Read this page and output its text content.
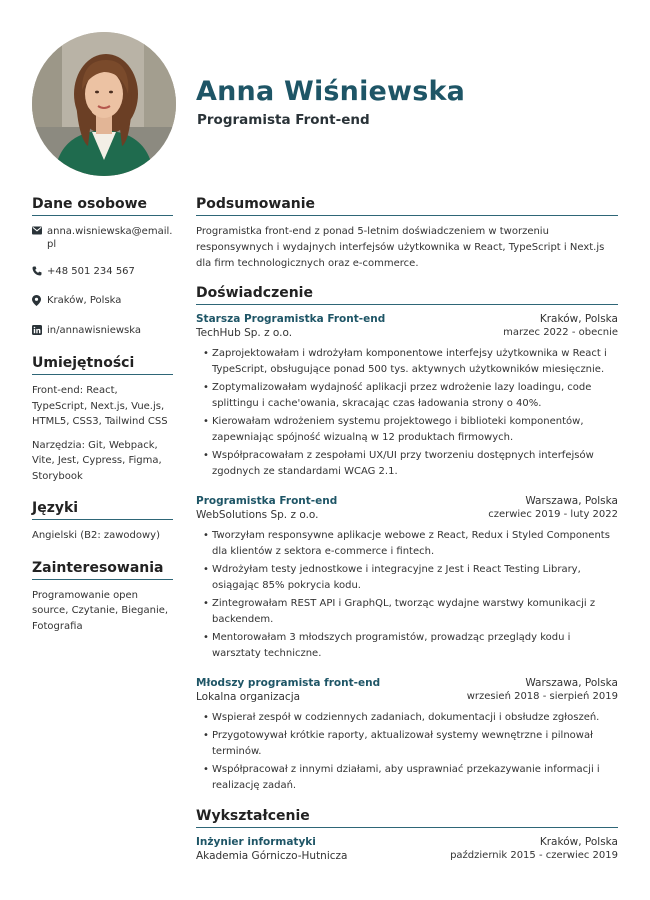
Anna Wiśniewska
Programista Front-end
Dane osobowe
anna.wisniewska@email.pl
+48 501 234 567
Kraków, Polska
in/annawisniewska
Umiejętności
Front-end: React, TypeScript, Next.js, Vue.js, HTML5, CSS3, Tailwind CSS
Narzędzia: Git, Webpack, Vite, Jest, Cypress, Figma, Storybook
Języki
Angielski (B2: zawodowy)
Zainteresowania
Programowanie open source, Czytanie, Bieganie, Fotografia
Podsumowanie
Programistka front-end z ponad 5-letnim doświadczeniem w tworzeniu responsywnych i wydajnych interfejsów użytkownika w React, TypeScript i Next.js dla firm technologicznych oraz e-commerce.
Doświadczenie
Starsza Programistka Front-end	Kraków, Polska
TechHub Sp. z o.o.	marzec 2022 - obecnie
• Zaprojektowałam i wdrożyłam komponentowe interfejsy użytkownika w React i TypeScript, obsługujące ponad 500 tys. aktywnych użytkowników miesięcznie.
• Zoptymalizowałam wydajność aplikacji przez wdrożenie lazy loadingu, code splittingu i cache'owania, skracając czas ładowania strony o 40%.
• Kierowałam wdrożeniem systemu projektowego i biblioteki komponentów, zapewniając spójność wizualną w 12 produktach firmowych.
• Współpracowałam z zespołami UX/UI przy tworzeniu dostępnych interfejsów zgodnych ze standardami WCAG 2.1.
Programistka Front-end	Warszawa, Polska
WebSolutions Sp. z o.o.	czerwiec 2019 - luty 2022
• Tworzyłam responsywne aplikacje webowe z React, Redux i Styled Components dla klientów z sektora e-commerce i fintech.
• Wdrożyłam testy jednostkowe i integracyjne z Jest i React Testing Library, osiągając 85% pokrycia kodu.
• Zintegrowałam REST API i GraphQL, tworząc wydajne warstwy komunikacji z backendem.
• Mentorowałam 3 młodszych programistów, prowadząc przeglądy kodu i warsztaty techniczne.
Młodszy programista front-end	Warszawa, Polska
Lokalna organizacja	wrzesień 2018 - sierpień 2019
• Wspierał zespół w codziennych zadaniach, dokumentacji i obsłudze zgłoszeń.
• Przygotowywał krótkie raporty, aktualizował systemy wewnętrzne i pilnował terminów.
• Współpracował z innymi działami, aby usprawniać przekazywanie informacji i realizację zadań.
Wykształcenie
Inżynier informatyki	Kraków, Polska
Akademia Górniczo-Hutnicza	październik 2015 - czerwiec 2019
